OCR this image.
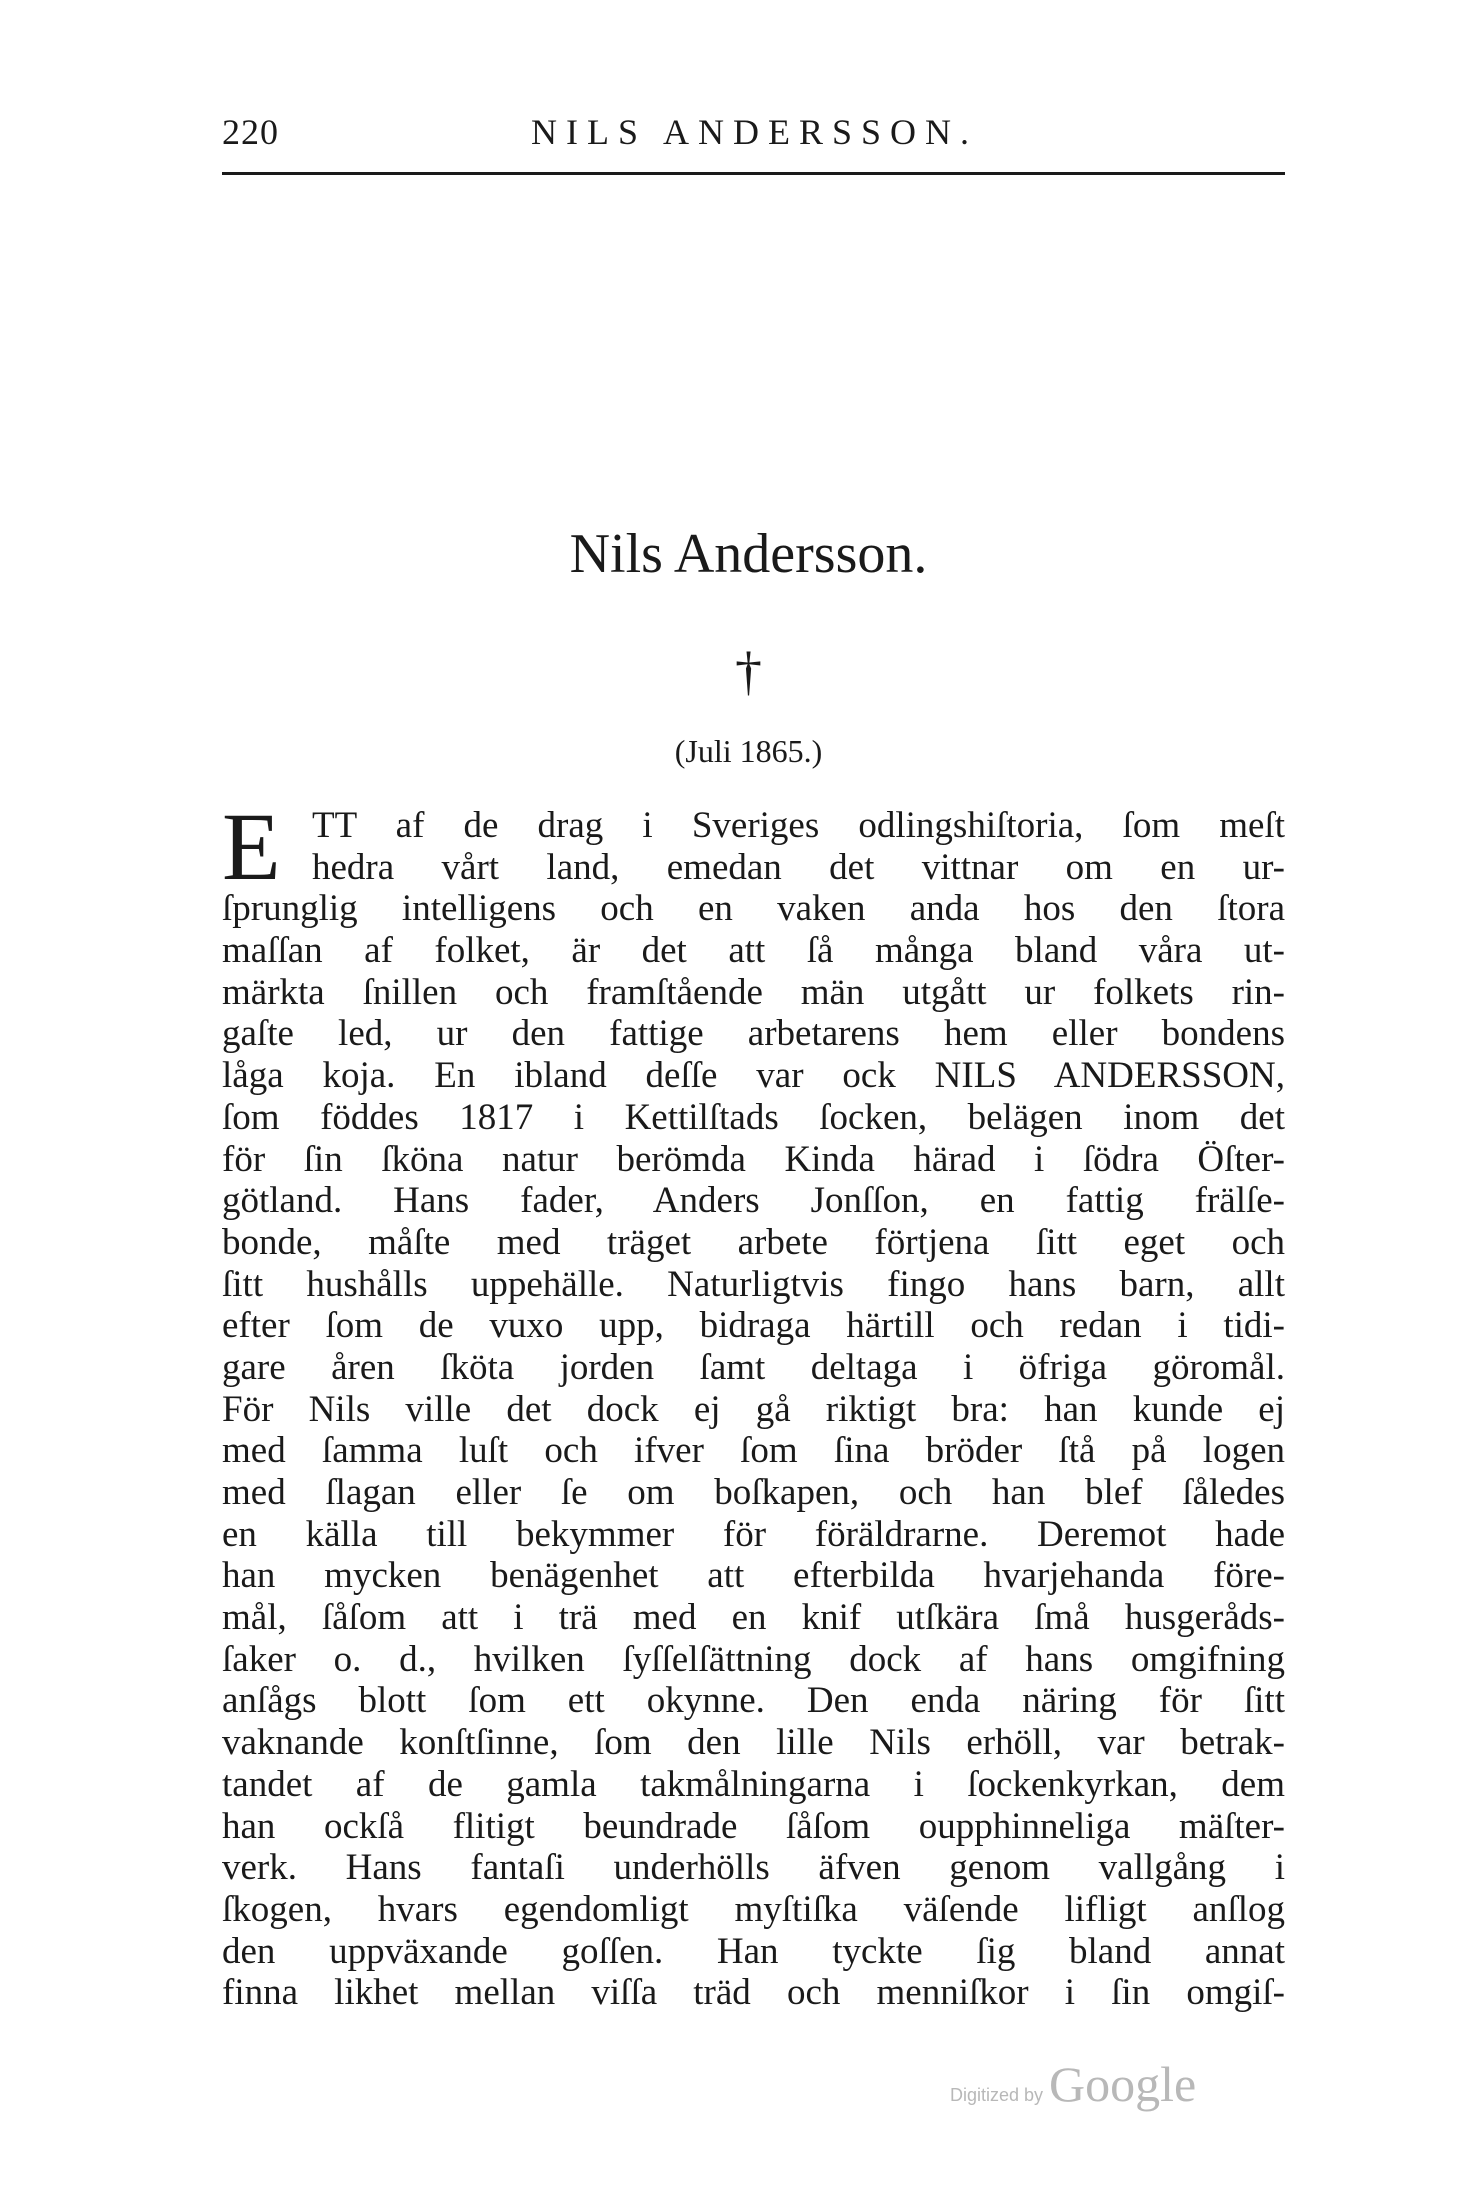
220	NILS ANDERSSON.
Nils Andersson.
†
(Juli 1865.)
E TT af de drag i Sveriges odlingshiſtoria, ſom meſt
hedra vårt land, emedan det vittnar om en ur-
ſprunglig intelligens och en vaken anda hos den ſtora
maſſan af folket, är det att ſå många bland våra ut-
märkta ſnillen och framſtående män utgått ur folkets rin-
gaſte led, ur den fattige arbetarens hem eller bondens
låga koja. En ibland deſſe var ock NILS ANDERSSON,
ſom föddes 1817 i Kettilſtads ſocken, belägen inom det
för ſin ſköna natur berömda Kinda härad i ſödra Öſter-
götland. Hans fader, Anders Jonſſon, en fattig frälſe-
bonde, måſte med träget arbete förtjena ſitt eget och
ſitt hushålls uppehälle. Naturligtvis fingo hans barn, allt
efter ſom de vuxo upp, bidraga härtill och redan i tidi-
gare åren ſköta jorden ſamt deltaga i öfriga göromål.
För Nils ville det dock ej gå riktigt bra: han kunde ej
med ſamma luſt och ifver ſom ſina bröder ſtå på logen
med ſlagan eller ſe om boſkapen, och han blef ſåledes
en källa till bekymmer för föräldrarne. Deremot hade
han mycken benägenhet att efterbilda hvarjehanda före-
mål, ſåſom att i trä med en knif utſkära ſmå husgeråds-
ſaker o. d., hvilken ſyſſelſättning dock af hans omgifning
anſågs blott ſom ett okynne. Den enda näring för ſitt
vaknande konſtſinne, ſom den lille Nils erhöll, var betrak-
tandet af de gamla takmålningarna i ſockenkyrkan, dem
han ockſå flitigt beundrade ſåſom oupphinneliga mäſter-
verk. Hans fantaſi underhölls äfven genom vallgång i
ſkogen, hvars egendomligt myſtiſka väſende lifligt anſlog
den uppväxande goſſen. Han tyckte ſig bland annat
finna likhet mellan viſſa träd och menniſkor i ſin omgiſ-
Digitized by Google
